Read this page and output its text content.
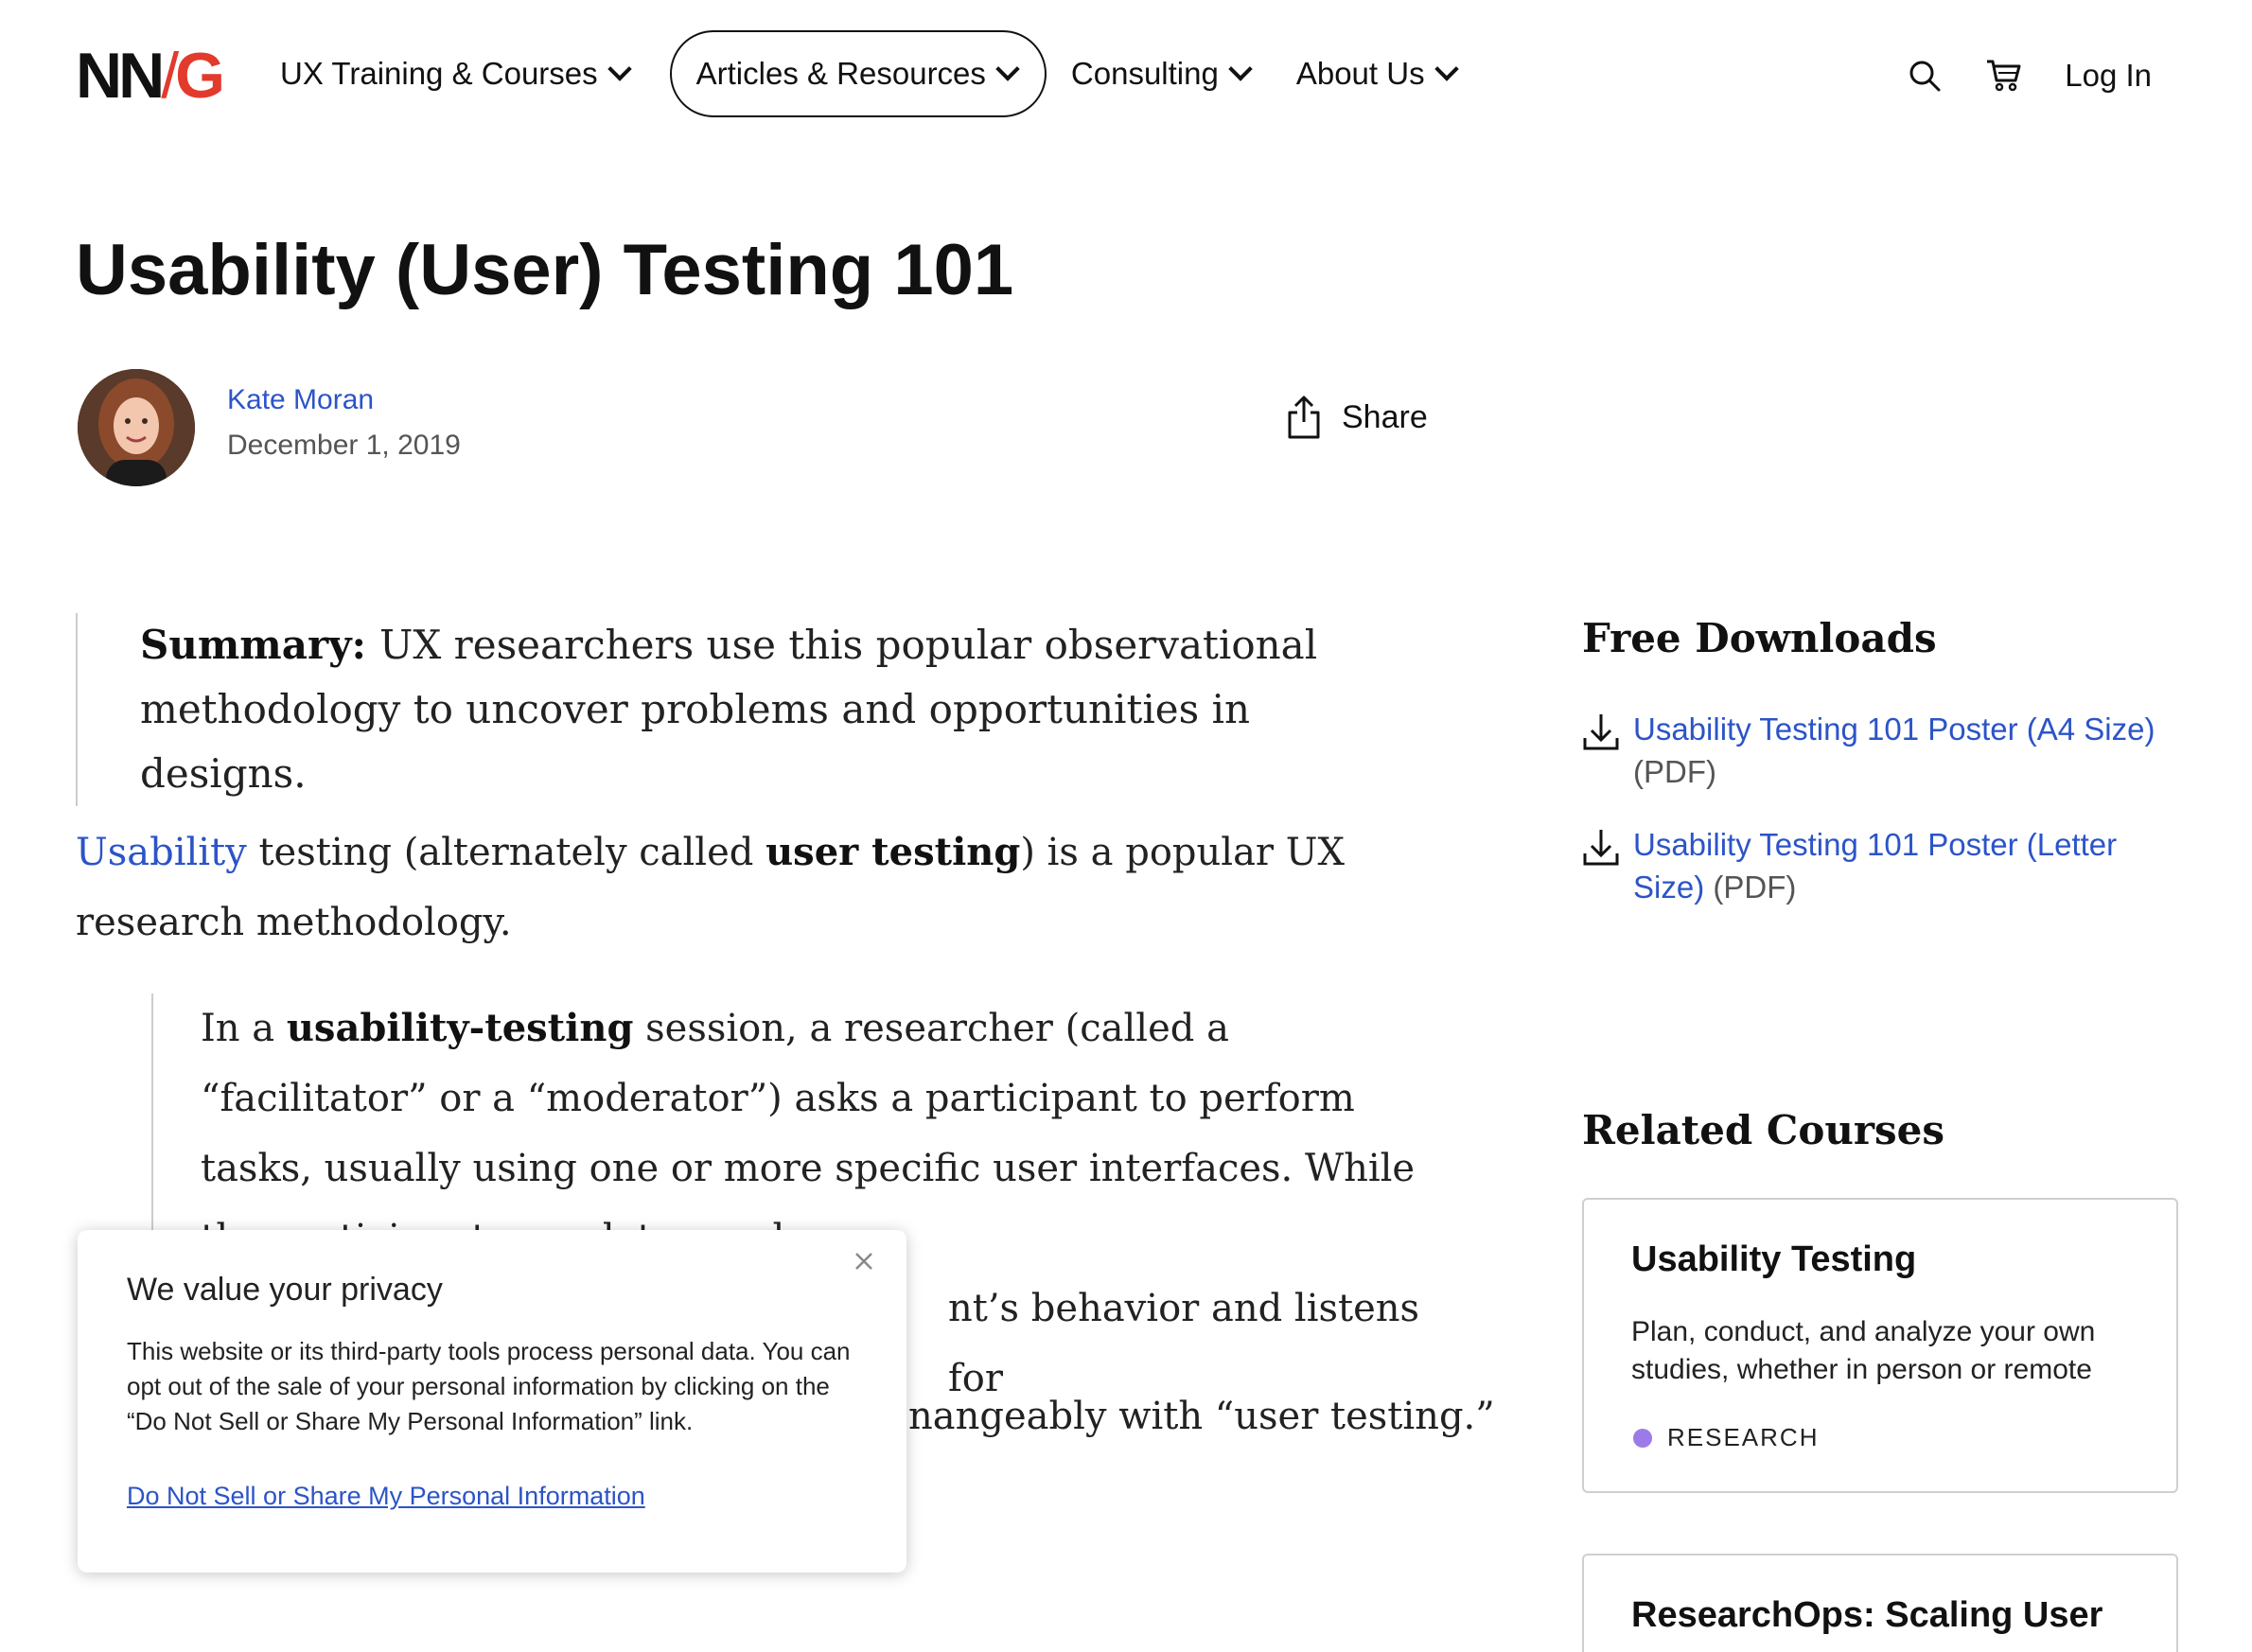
NN/G UX Training & Courses	Articles & Resources	Consulting About Us	Log In
Usability (User) Testing 101
Kate Moran
December 1, 2019
Share
Summary: UX researchers use this popular observational methodology to uncover problems and opportunities in designs.

Usability testing (alternately called user testing) is a popular UX research methodology.

In a usability-testing session, a researcher (called a “facilitator” or a “moderator”) asks a participant to perform tasks, usually using one or more specific user interfaces. While
nt’s behavior and listens for
nangeably with “user testing.”
Free Downloads
Usability Testing 101 Poster (A4 Size) (PDF)
Usability Testing 101 Poster (Letter Size) (PDF)
Related Courses
Usability Testing
Plan, conduct, and analyze your own studies, whether in person or remote
RESEARCH
ResearchOps: Scaling User
We value your privacy
This website or its third-party tools process personal data. You can opt out of the sale of your personal information by clicking on the “Do Not Sell or Share My Personal Information” link.
Do Not Sell or Share My Personal Information
